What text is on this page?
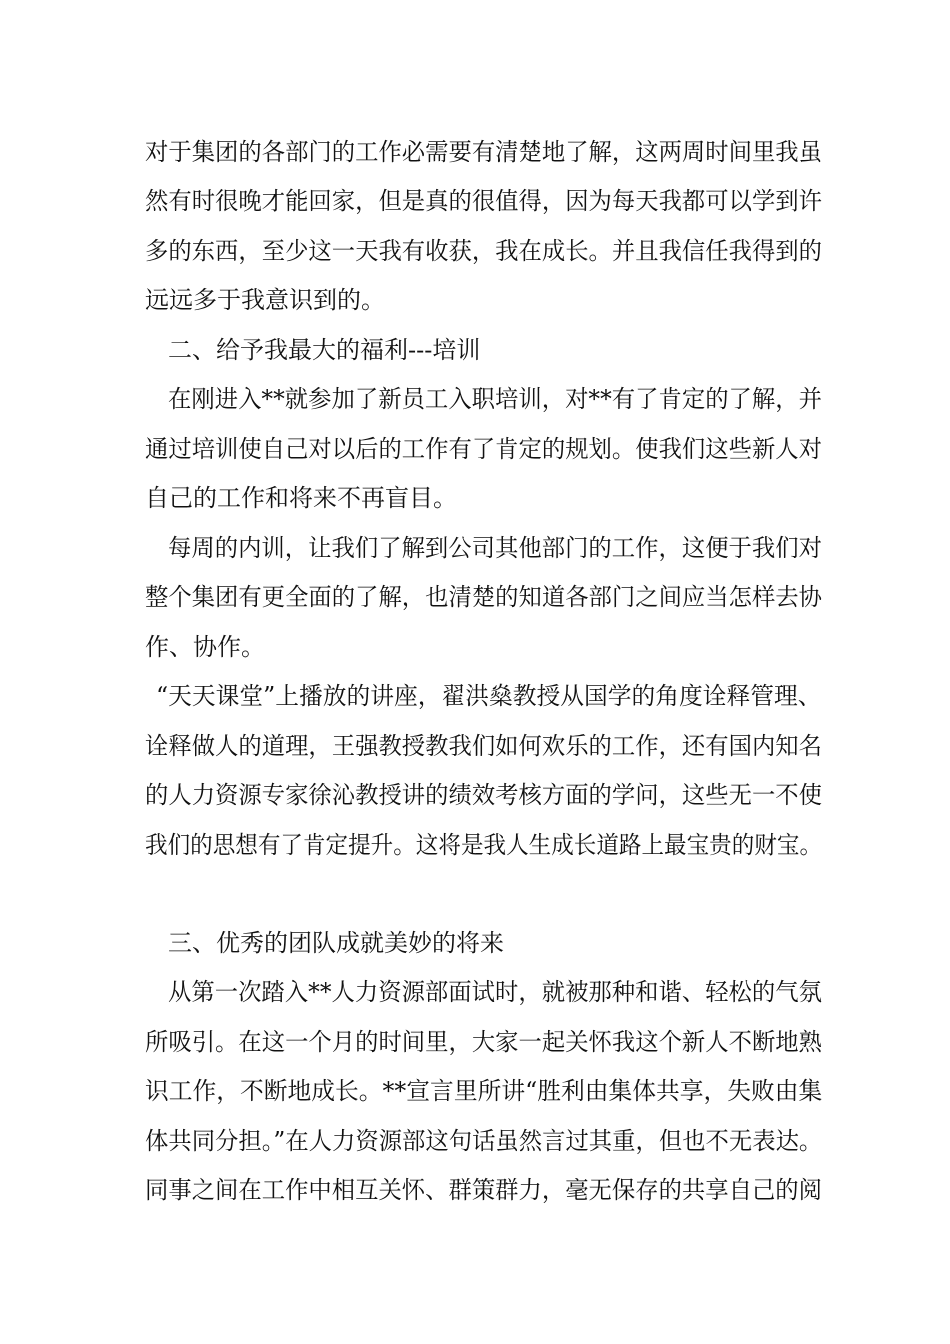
对于集团的各部门的工作必需要有清楚地了解，这两周时间里我虽
然有时很晚才能回家，但是真的很值得，因为每天我都可以学到许
多的东西，至少这一天我有收获，我在成长。并且我信任我得到的
远远多于我意识到的。
二、给予我最大的福利---培训
在刚进入**就参加了新员工入职培训，对**有了肯定的了解，并
通过培训使自己对以后的工作有了肯定的规划。使我们这些新人对
自己的工作和将来不再盲目。
每周的内训，让我们了解到公司其他部门的工作，这便于我们对
整个集团有更全面的了解，也清楚的知道各部门之间应当怎样去协
作、协作。
“天天课堂”上播放的讲座，翟洪燊教授从国学的角度诠释管理、
诠释做人的道理，王强教授教我们如何欢乐的工作，还有国内知名
的人力资源专家徐沁教授讲的绩效考核方面的学问，这些无一不使
我们的思想有了肯定提升。这将是我人生成长道路上最宝贵的财宝。
三、优秀的团队成就美妙的将来
从第一次踏入**人力资源部面试时，就被那种和谐、轻松的气氛
所吸引。在这一个月的时间里，大家一起关怀我这个新人不断地熟
识工作，不断地成长。**宣言里所讲“胜利由集体共享，失败由集
体共同分担。”在人力资源部这句话虽然言过其重，但也不无表达。
同事之间在工作中相互关怀、群策群力，毫无保存的共享自己的阅
